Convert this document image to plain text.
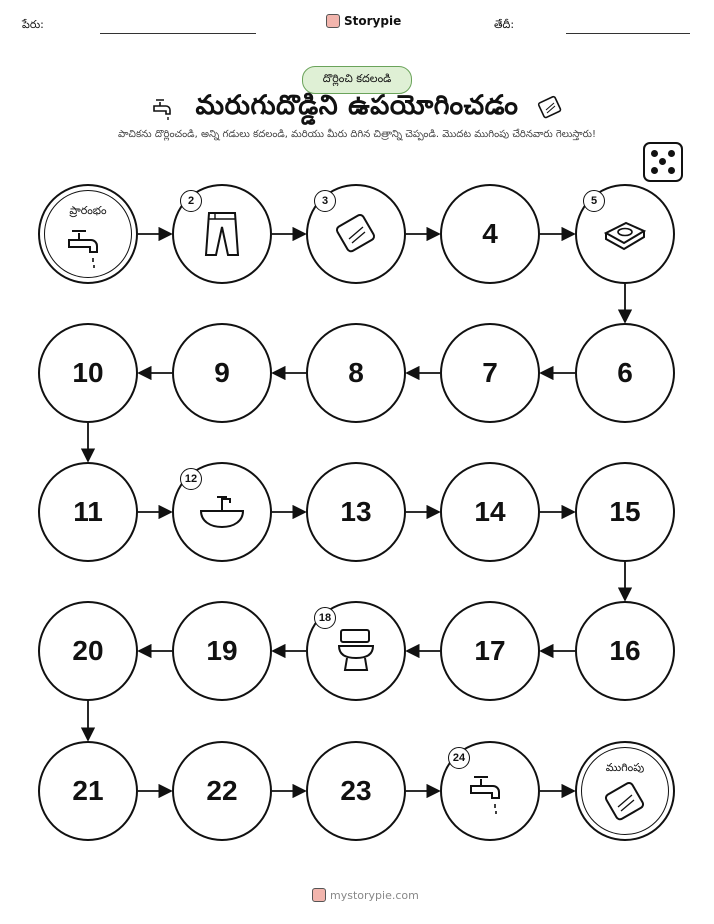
పేరు:	Storypie	తేదీ:
దొర్లించి కదలండి
మరుగుదొడ్డిని ఉపయోగించడం
పాచికను దొర్లించండి, అన్ని గడులు కదలండి, మరియు మీరు దిగిన చిత్రాన్ని చెప్పండి. మొదట ముగింపు చేరినవారు గెలుస్తారు!
ప్రారంభం
2	3
4
5
6
7
8
9
10
11
12
13	14	15
16
17
18
19
20
21	22	23
24
ముగింపు
mystorypie.com
